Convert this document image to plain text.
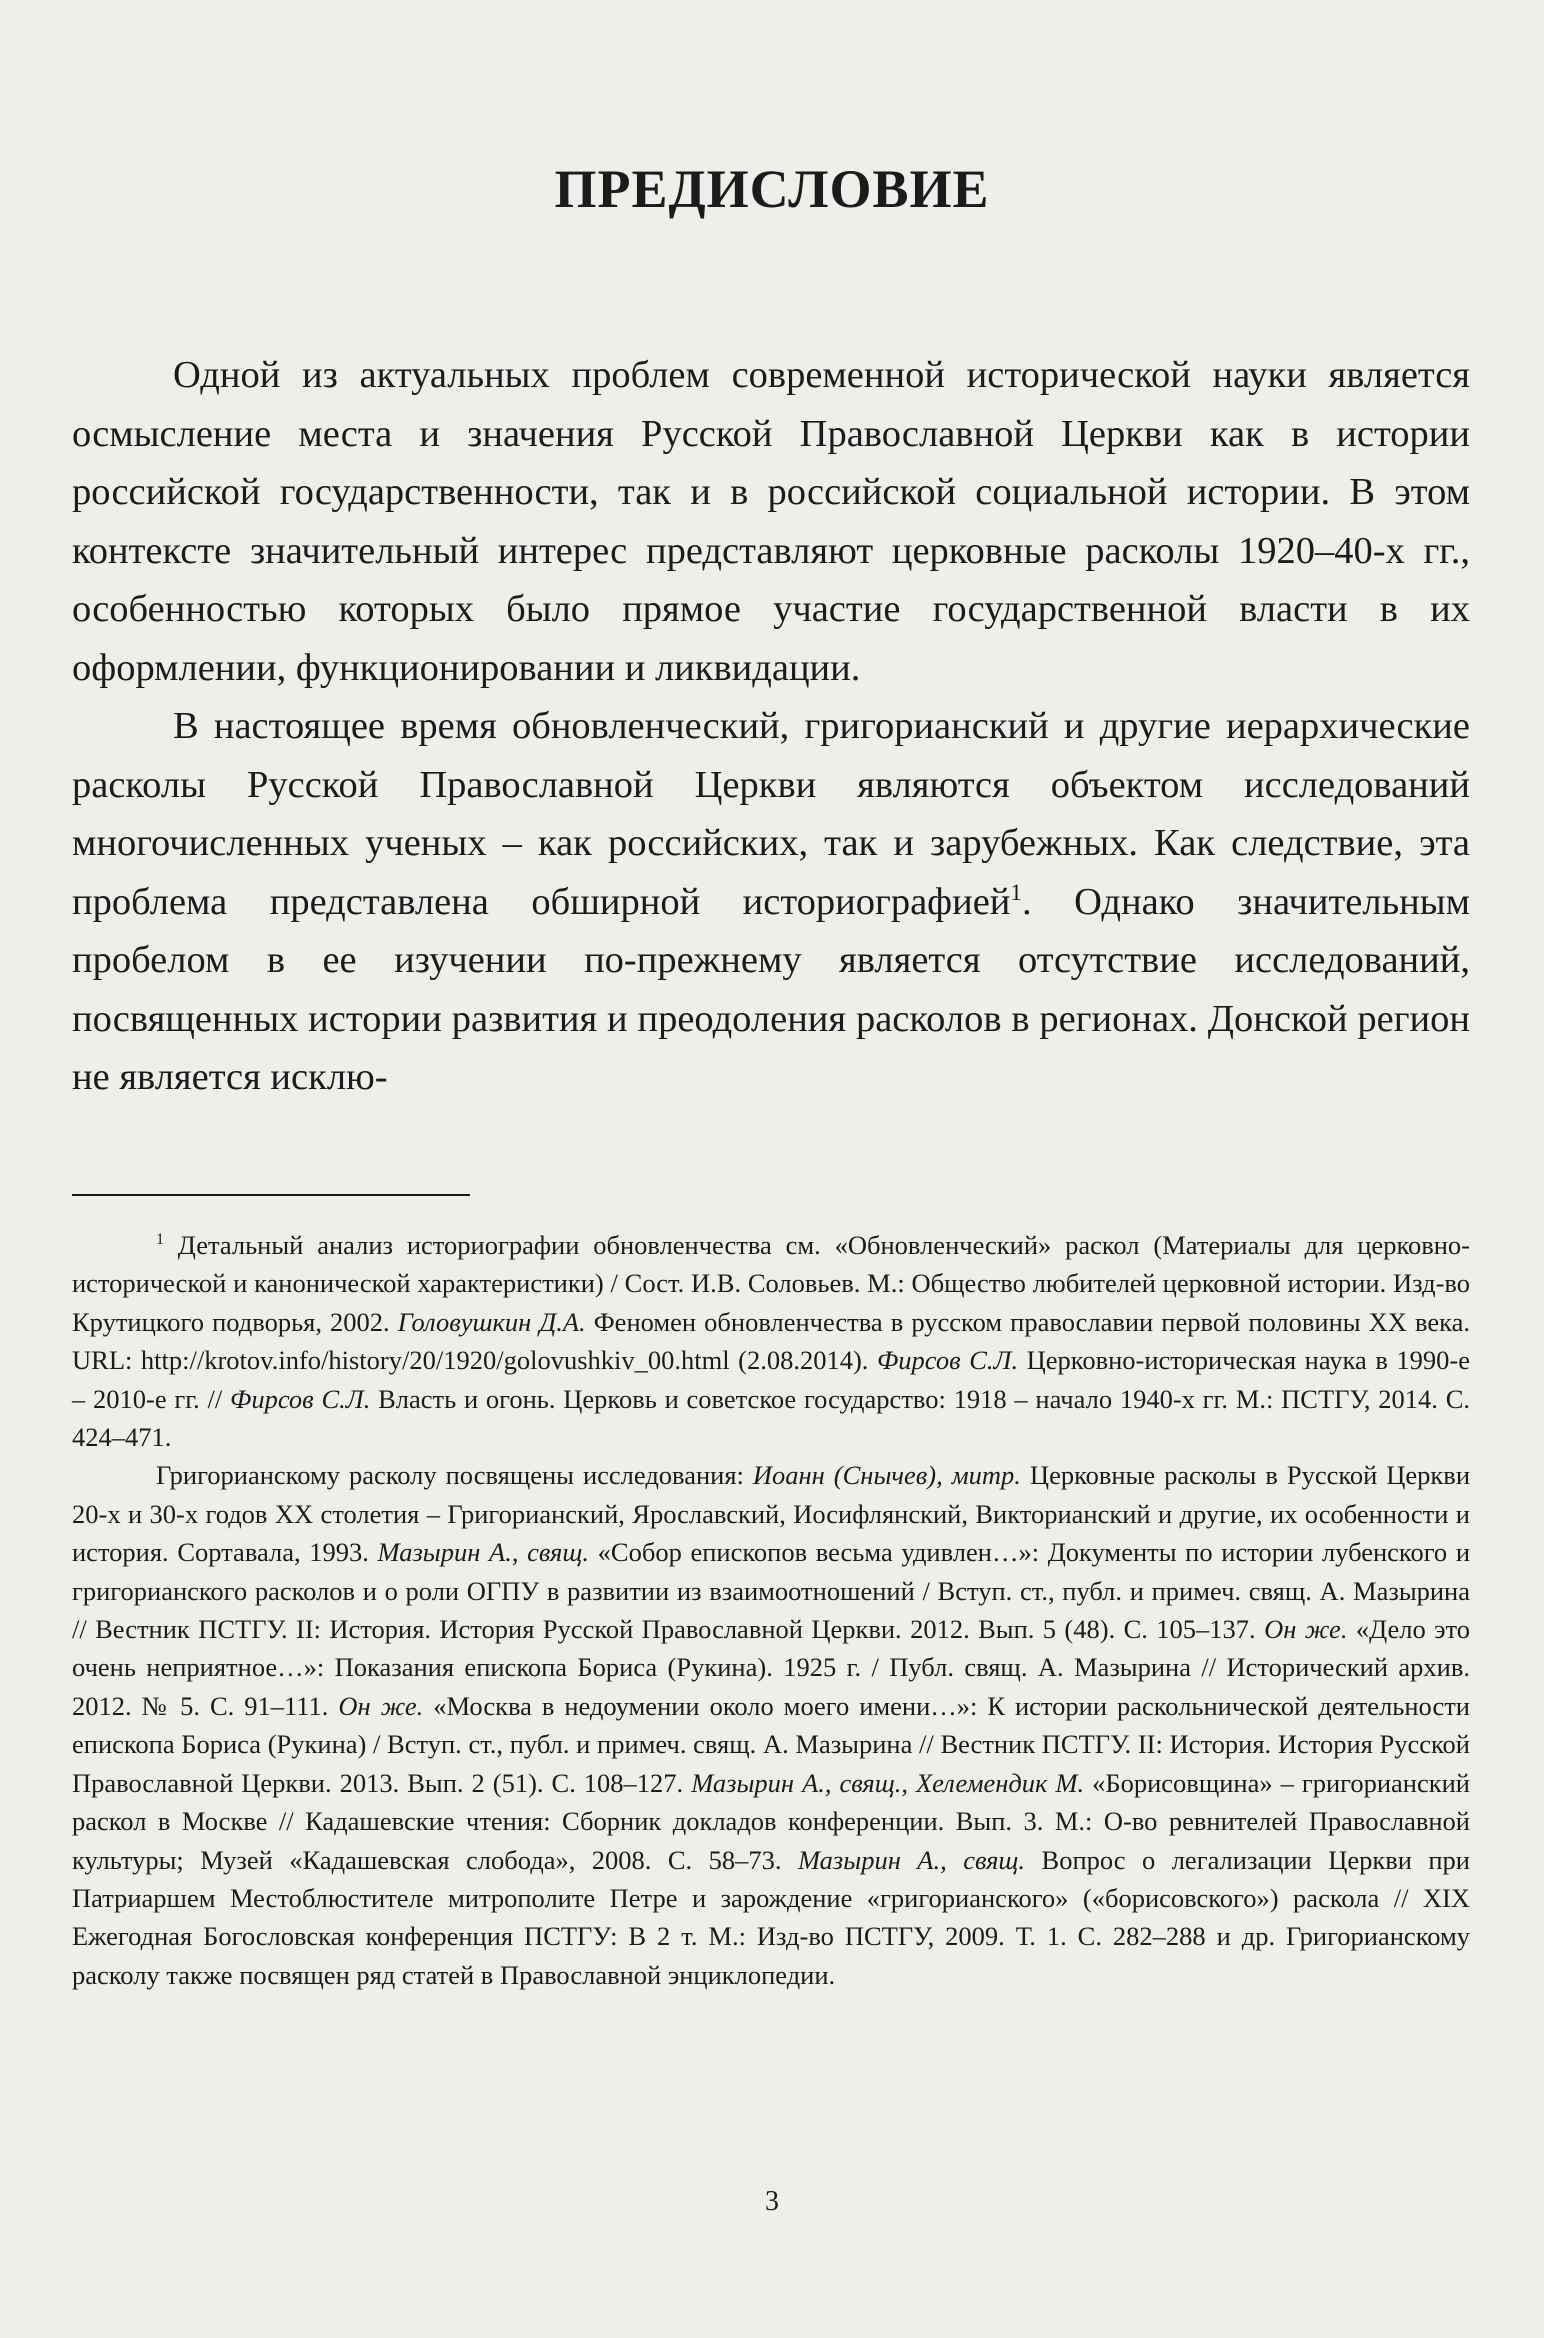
ПРЕДИСЛОВИЕ

Одной из актуальных проблем современной исторической науки является осмысление места и значения Русской Православной Церкви как в истории российской государственности, так и в российской социальной истории. В этом контексте значительный интерес представляют церковные расколы 1920–40-х гг., особенностью которых было прямое участие государственной власти в их оформлении, функционировании и ликвидации.

В настоящее время обновленческий, григорианский и другие иерархические расколы Русской Православной Церкви являются объектом исследований многочисленных ученых – как российских, так и зарубежных. Как следствие, эта проблема представлена обширной историографией$^1$. Однако значительным пробелом в ее изучении по-прежнему является отсутствие исследований, посвященных истории развития и преодоления расколов в регионах. Донской регион не является исклю-

$^1$ Детальный анализ историографии обновленчества см. «Обновленческий» раскол (Материалы для церковно-исторической и канонической характеристики) / Сост. И.В. Соловьев. М.: Общество любителей церковной истории. Изд-во Крутицкого подворья, 2002. Головушкин Д.А. Феномен обновленчества в русском православии первой половины XX века. URL: http://krotov.info/history/20/1920/golovushkiv_00.html (2.08.2014). Фирсов С.Л. Церковно-историческая наука в 1990-е – 2010-е гг. // Фирсов С.Л. Власть и огонь. Церковь и советское государство: 1918 – начало 1940-х гг. М.: ПСТГУ, 2014. С. 424–471.

Григорианскому расколу посвящены исследования: Иоанн (Снычев), митр. Церковные расколы в Русской Церкви 20-х и 30-х годов XX столетия – Григорианский, Ярославский, Иосифлянский, Викторианский и другие, их особенности и история. Сортавала, 1993. Мазырин А., свящ. «Собор епископов весьма удивлен…»: Документы по истории лубенского и григорианского расколов и о роли ОГПУ в развитии из взаимоотношений / Вступ. ст., публ. и примеч. свящ. А. Мазырина // Вестник ПСТГУ. II: История. История Русской Православной Церкви. 2012. Вып. 5 (48). С. 105–137. Он же. «Дело это очень неприятное…»: Показания епископа Бориса (Рукина). 1925 г. / Публ. свящ. А. Мазырина // Исторический архив. 2012. № 5. С. 91–111. Он же. «Москва в недоумении около моего имени…»: К истории раскольнической деятельности епископа Бориса (Рукина) / Вступ. ст., публ. и примеч. свящ. А. Мазырина // Вестник ПСТГУ. II: История. История Русской Православной Церкви. 2013. Вып. 2 (51). С. 108–127. Мазырин А., свящ., Хелемендик М. «Борисовщина» – григорианский раскол в Москве // Кадашевские чтения: Сборник докладов конференции. Вып. 3. М.: О-во ревнителей Православной культуры; Музей «Кадашевская слобода», 2008. С. 58–73. Мазырин А., свящ. Вопрос о легализации Церкви при Патриаршем Местоблюстителе митрополите Петре и зарождение «григорианского» («борисовского») раскола // XIX Ежегодная Богословская конференция ПСТГУ: В 2 т. М.: Изд-во ПСТГУ, 2009. Т. 1. С. 282–288 и др. Григорианскому расколу также посвящен ряд статей в Православной энциклопедии.

3
